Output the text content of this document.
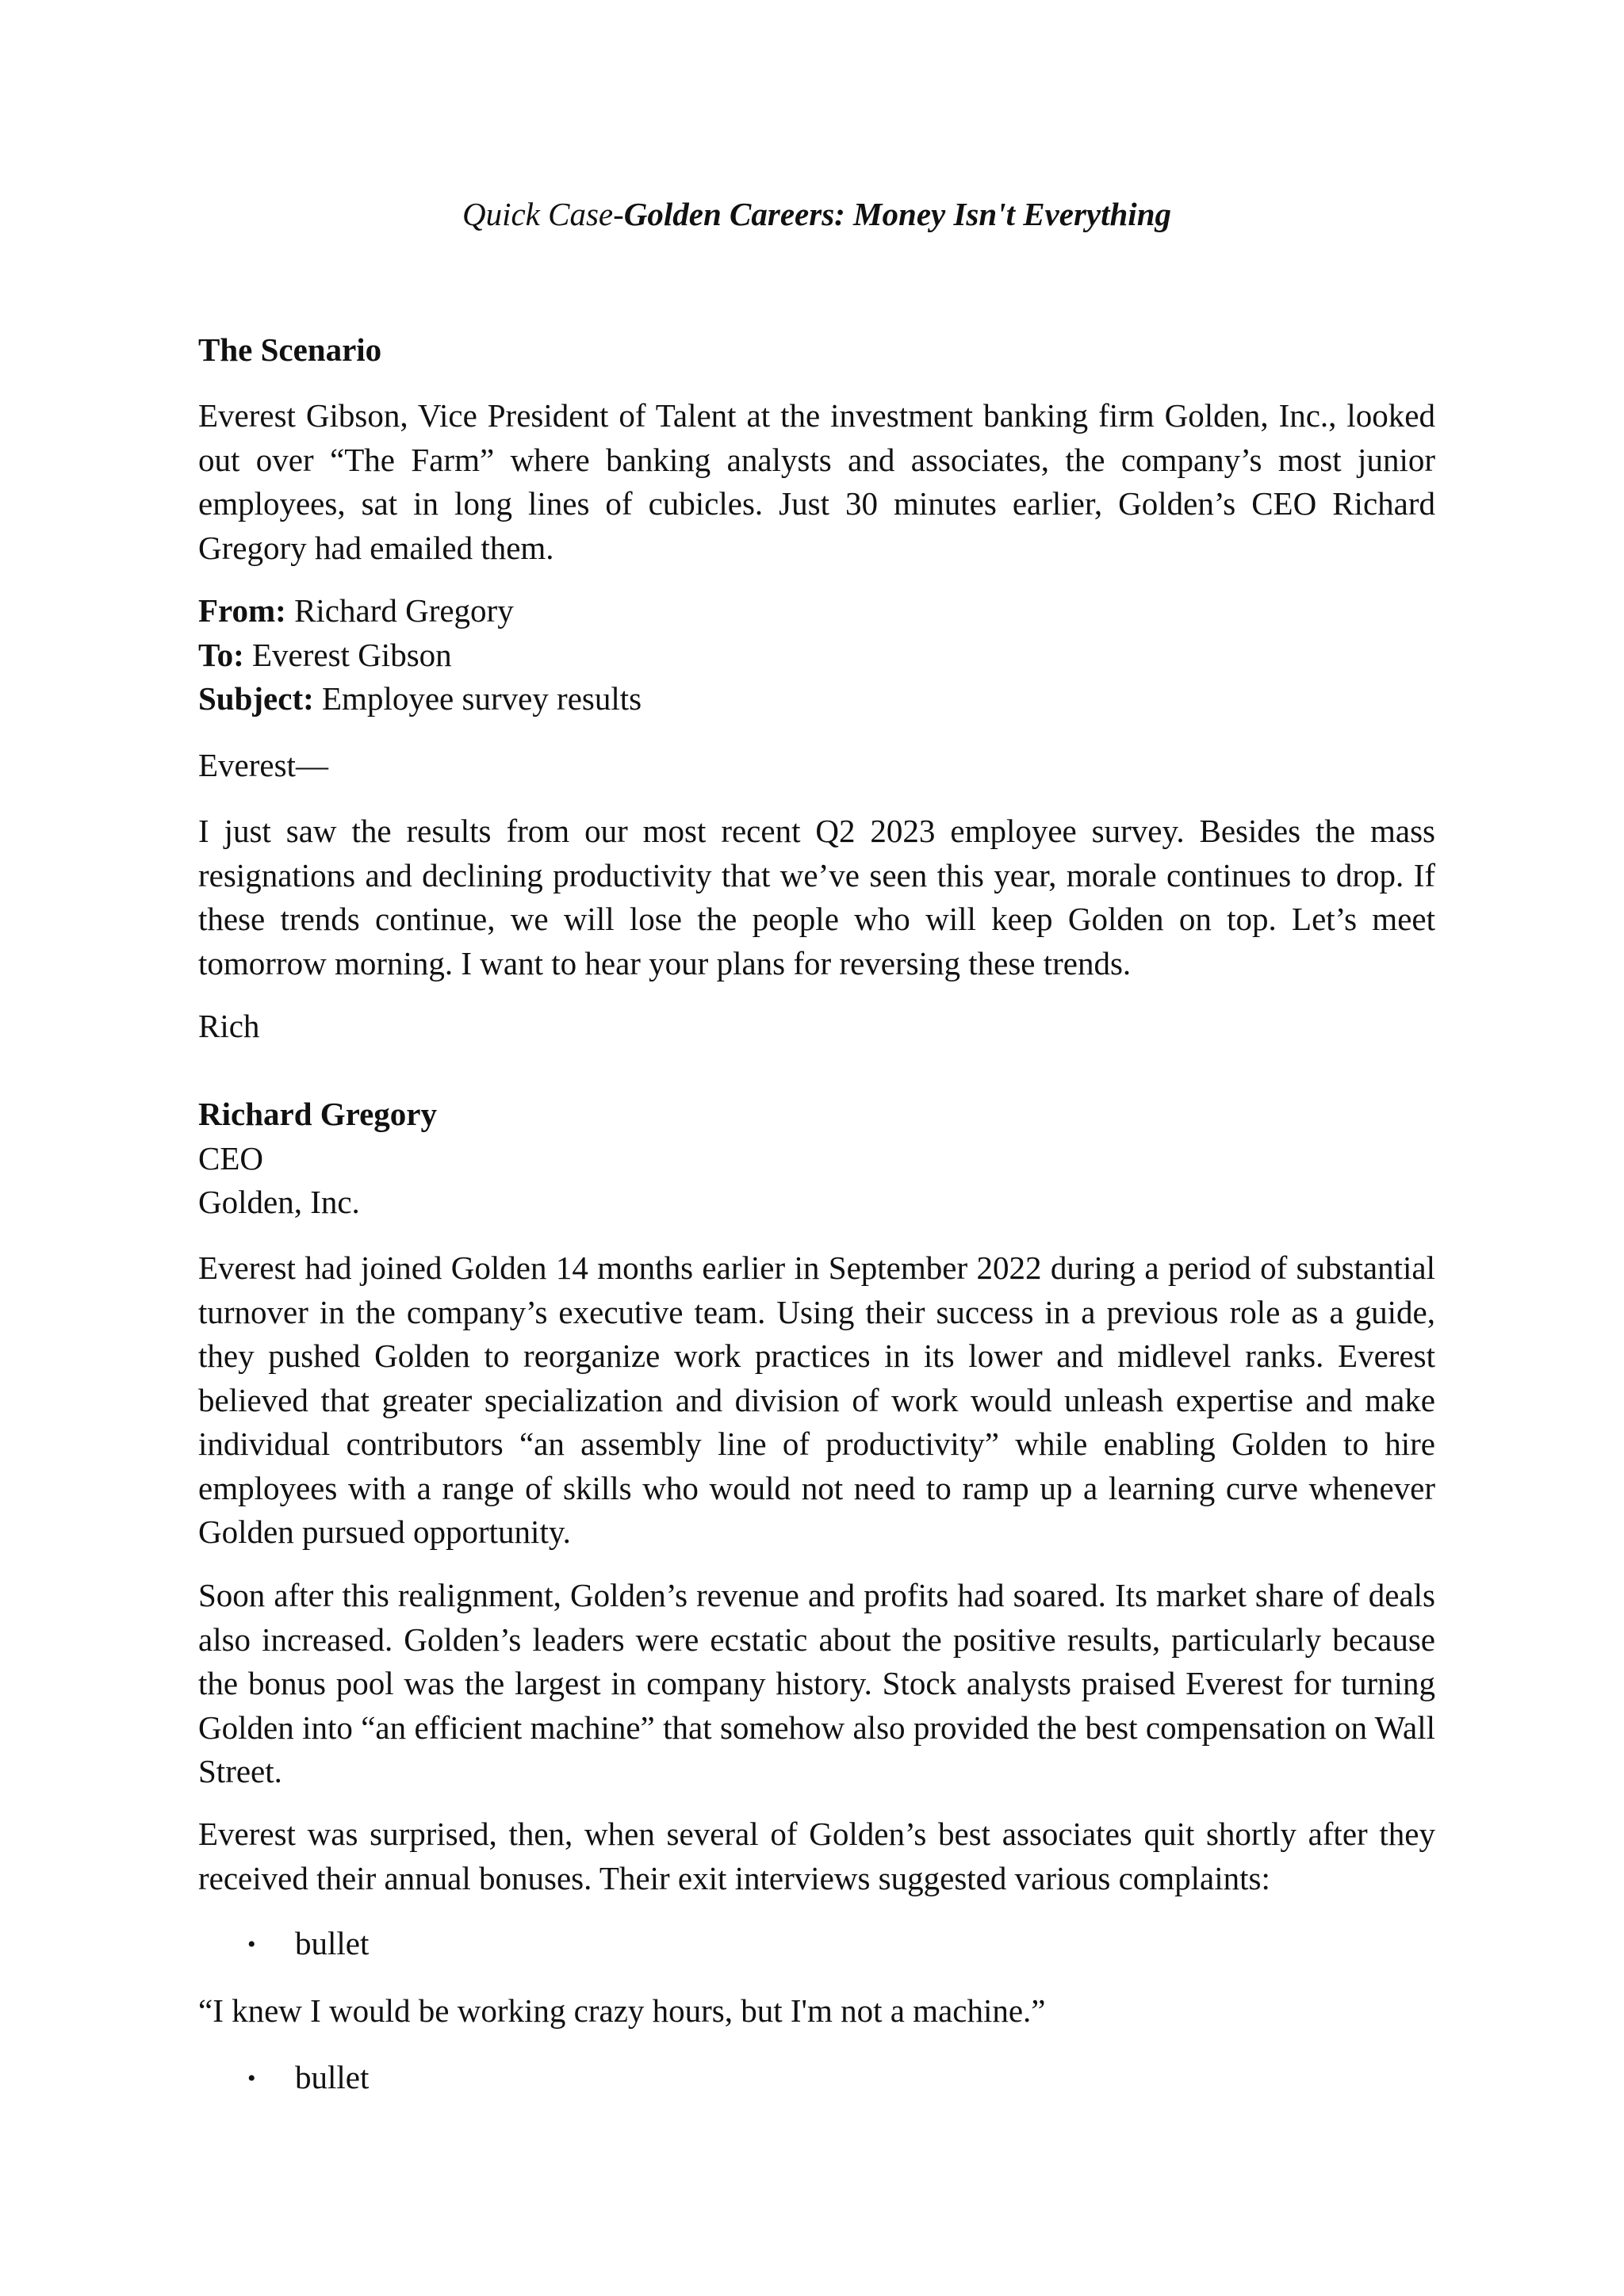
Quick Case-Golden Careers: Money Isn't Everything
The Scenario

Everest Gibson, Vice President of Talent at the investment banking firm Golden, Inc., looked out over “The Farm” where banking analysts and associates, the company’s most junior employees, sat in long lines of cubicles. Just 30 minutes earlier, Golden’s CEO Richard Gregory had emailed them.

From: Richard Gregory
To: Everest Gibson
Subject: Employee survey results
Everest—

I just saw the results from our most recent Q2 2023 employee survey. Besides the mass resignations and declining productivity that we’ve seen this year, morale continues to drop. If these trends continue, we will lose the people who will keep Golden on top. Let’s meet tomorrow morning. I want to hear your plans for reversing these trends.

Rich
Richard Gregory
CEO
Golden, Inc.

Everest had joined Golden 14 months earlier in September 2022 during a period of substantial turnover in the company’s executive team. Using their success in a previous role as a guide, they pushed Golden to reorganize work practices in its lower and midlevel ranks. Everest believed that greater specialization and division of work would unleash expertise and make individual contributors “an assembly line of productivity” while enabling Golden to hire employees with a range of skills who would not need to ramp up a learning curve whenever Golden pursued opportunity.

Soon after this realignment, Golden’s revenue and profits had soared. Its market share of deals also increased. Golden’s leaders were ecstatic about the positive results, particularly because the bonus pool was the largest in company history. Stock analysts praised Everest for turning Golden into “an efficient machine” that somehow also provided the best compensation on Wall Street.

Everest was surprised, then, when several of Golden’s best associates quit shortly after they received their annual bonuses. Their exit interviews suggested various complaints:

• bullet
“I knew I would be working crazy hours, but I'm not a machine.”
• bullet
